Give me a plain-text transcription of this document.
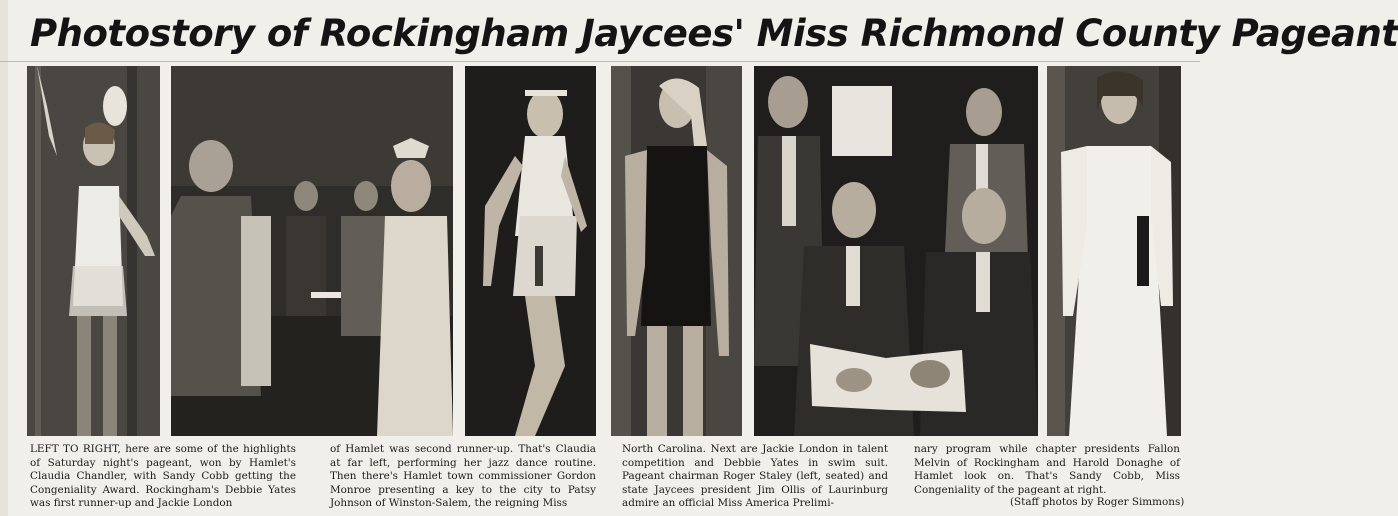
Photostory of Rockingham Jaycees' Miss Richmond County Pageant
LEFT TO RIGHT, here are some of the highlights of Saturday night's pageant, won by Hamlet's Claudia Chandler, with Sandy Cobb getting the Congeniality Award. Rockingham's Debbie Yates was first runner-up and Jackie London
of Hamlet was second runner-up. That's Claudia at far left, performing her jazz dance routine. Then there's Hamlet town commissioner Gordon Monroe presenting a key to the city to Patsy Johnson of Winston-Salem, the reigning Miss
North Carolina. Next are Jackie London in talent competition and Debbie Yates in swim suit. Pageant chairman Roger Staley (left, seated) and state Jaycees president Jim Ollis of Laurinburg admire an official Miss America Prelimi-
nary program while chapter presidents Fallon Melvin of Rockingham and Harold Donaghe of Hamlet look on. That's Sandy Cobb, Miss Congeniality of the pageant at right.
(Staff photos by Roger Simmons)
